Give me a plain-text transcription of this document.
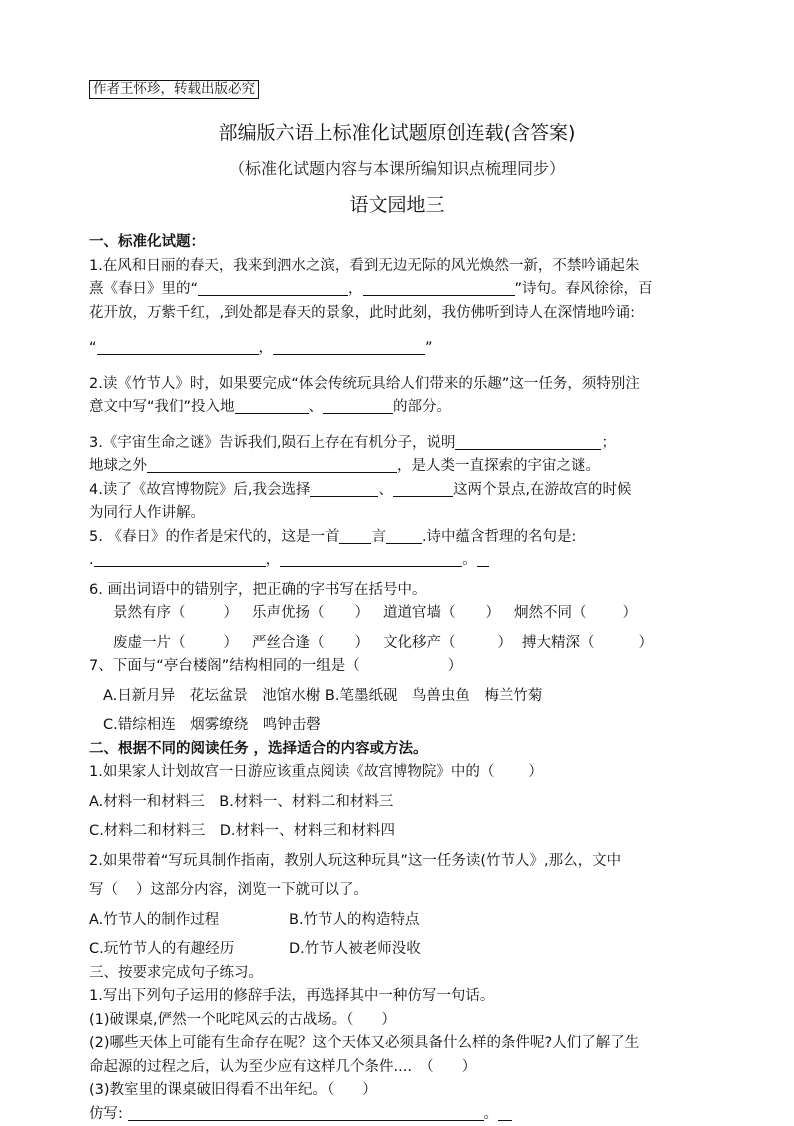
作者王怀珍，转载出版必究
部编版六语上标准化试题原创连载(含答案)
（标准化试题内容与本课所编知识点梳理同步）
语文园地三
一、标准化试题：
1.在风和日丽的春天，我来到泗水之滨，看到无边无际的风光焕然一新，不禁吟诵起朱
熹《春日》里的“	，	”诗句。春风徐徐，百
花开放，万紫千红，,到处都是春天的景象，此时此刻，我仿佛听到诗人在深情地吟诵:
“	，	”
2.读《竹节人》时，如果要完成“体会传统玩具给人们带来的乐趣”这一任务，须特别注
意文中写“我们”投入地	、	的部分。
3.《宇宙生命之谜》告诉我们,陨石上存在有机分子，说明	；
地球之外	，是人类一直探索的宇宙之谜。
4.读了《故宫博物院》后,我会选择	、	这两个景点,在游故宫的时候
为同行人作讲解。
5. 《春日》的作者是宋代的，这是一首 言 .诗中蕴含哲理的名句是:
.	，	。
6. 画出词语中的错别字，把正确的字书写在括号中。
景然有序（	） 乐声优扬（ ） 道道官墙（ ） 炯然不同（ ）
废虚一片（	） 严丝合逢（ ） 文化移产（	） 搏大精深（	）
7、下面与“亭台楼阁”结构相同的一组是（	）
A.日新月异　花坛盆景　池馆水榭 B.笔墨纸砚　鸟兽虫鱼　梅兰竹菊
C.错综相连　烟雾缭绕　鸣钟击磬
二、根据不同的阅读任务 ，选择适合的内容或方法。
1.如果家人计划故宫一日游应该重点阅读《故宫博物院》中的（ ）
A.材料一和材料三　B.材料一、材料二和材料三
C.材料二和材料三　D.材料一、材料三和材料四
2.如果带着“写玩具制作指南，教别人玩这种玩具”这一任务读(竹节人》,那么，文中
写（ ）这部分内容，浏览一下就可以了。
A.竹节人的制作过程	B.竹节人的构造特点
C.玩竹节人的有趣经历	D.竹节人被老师没收
三、按要求完成句子练习。
1.写出下列句子运用的修辞手法，再选择其中一种仿写一句话。
(1)破课桌,俨然一个叱咤风云的古战场。（ ）
(2)哪些天体上可能有生命存在呢？这个天体又必须具备什么样的条件呢?人们了解了生
命起源的过程之后，认为至少应有这样几个条件....　（ ）
(3)教室里的课桌破旧得看不出年纪。（ ）
仿写:	。
